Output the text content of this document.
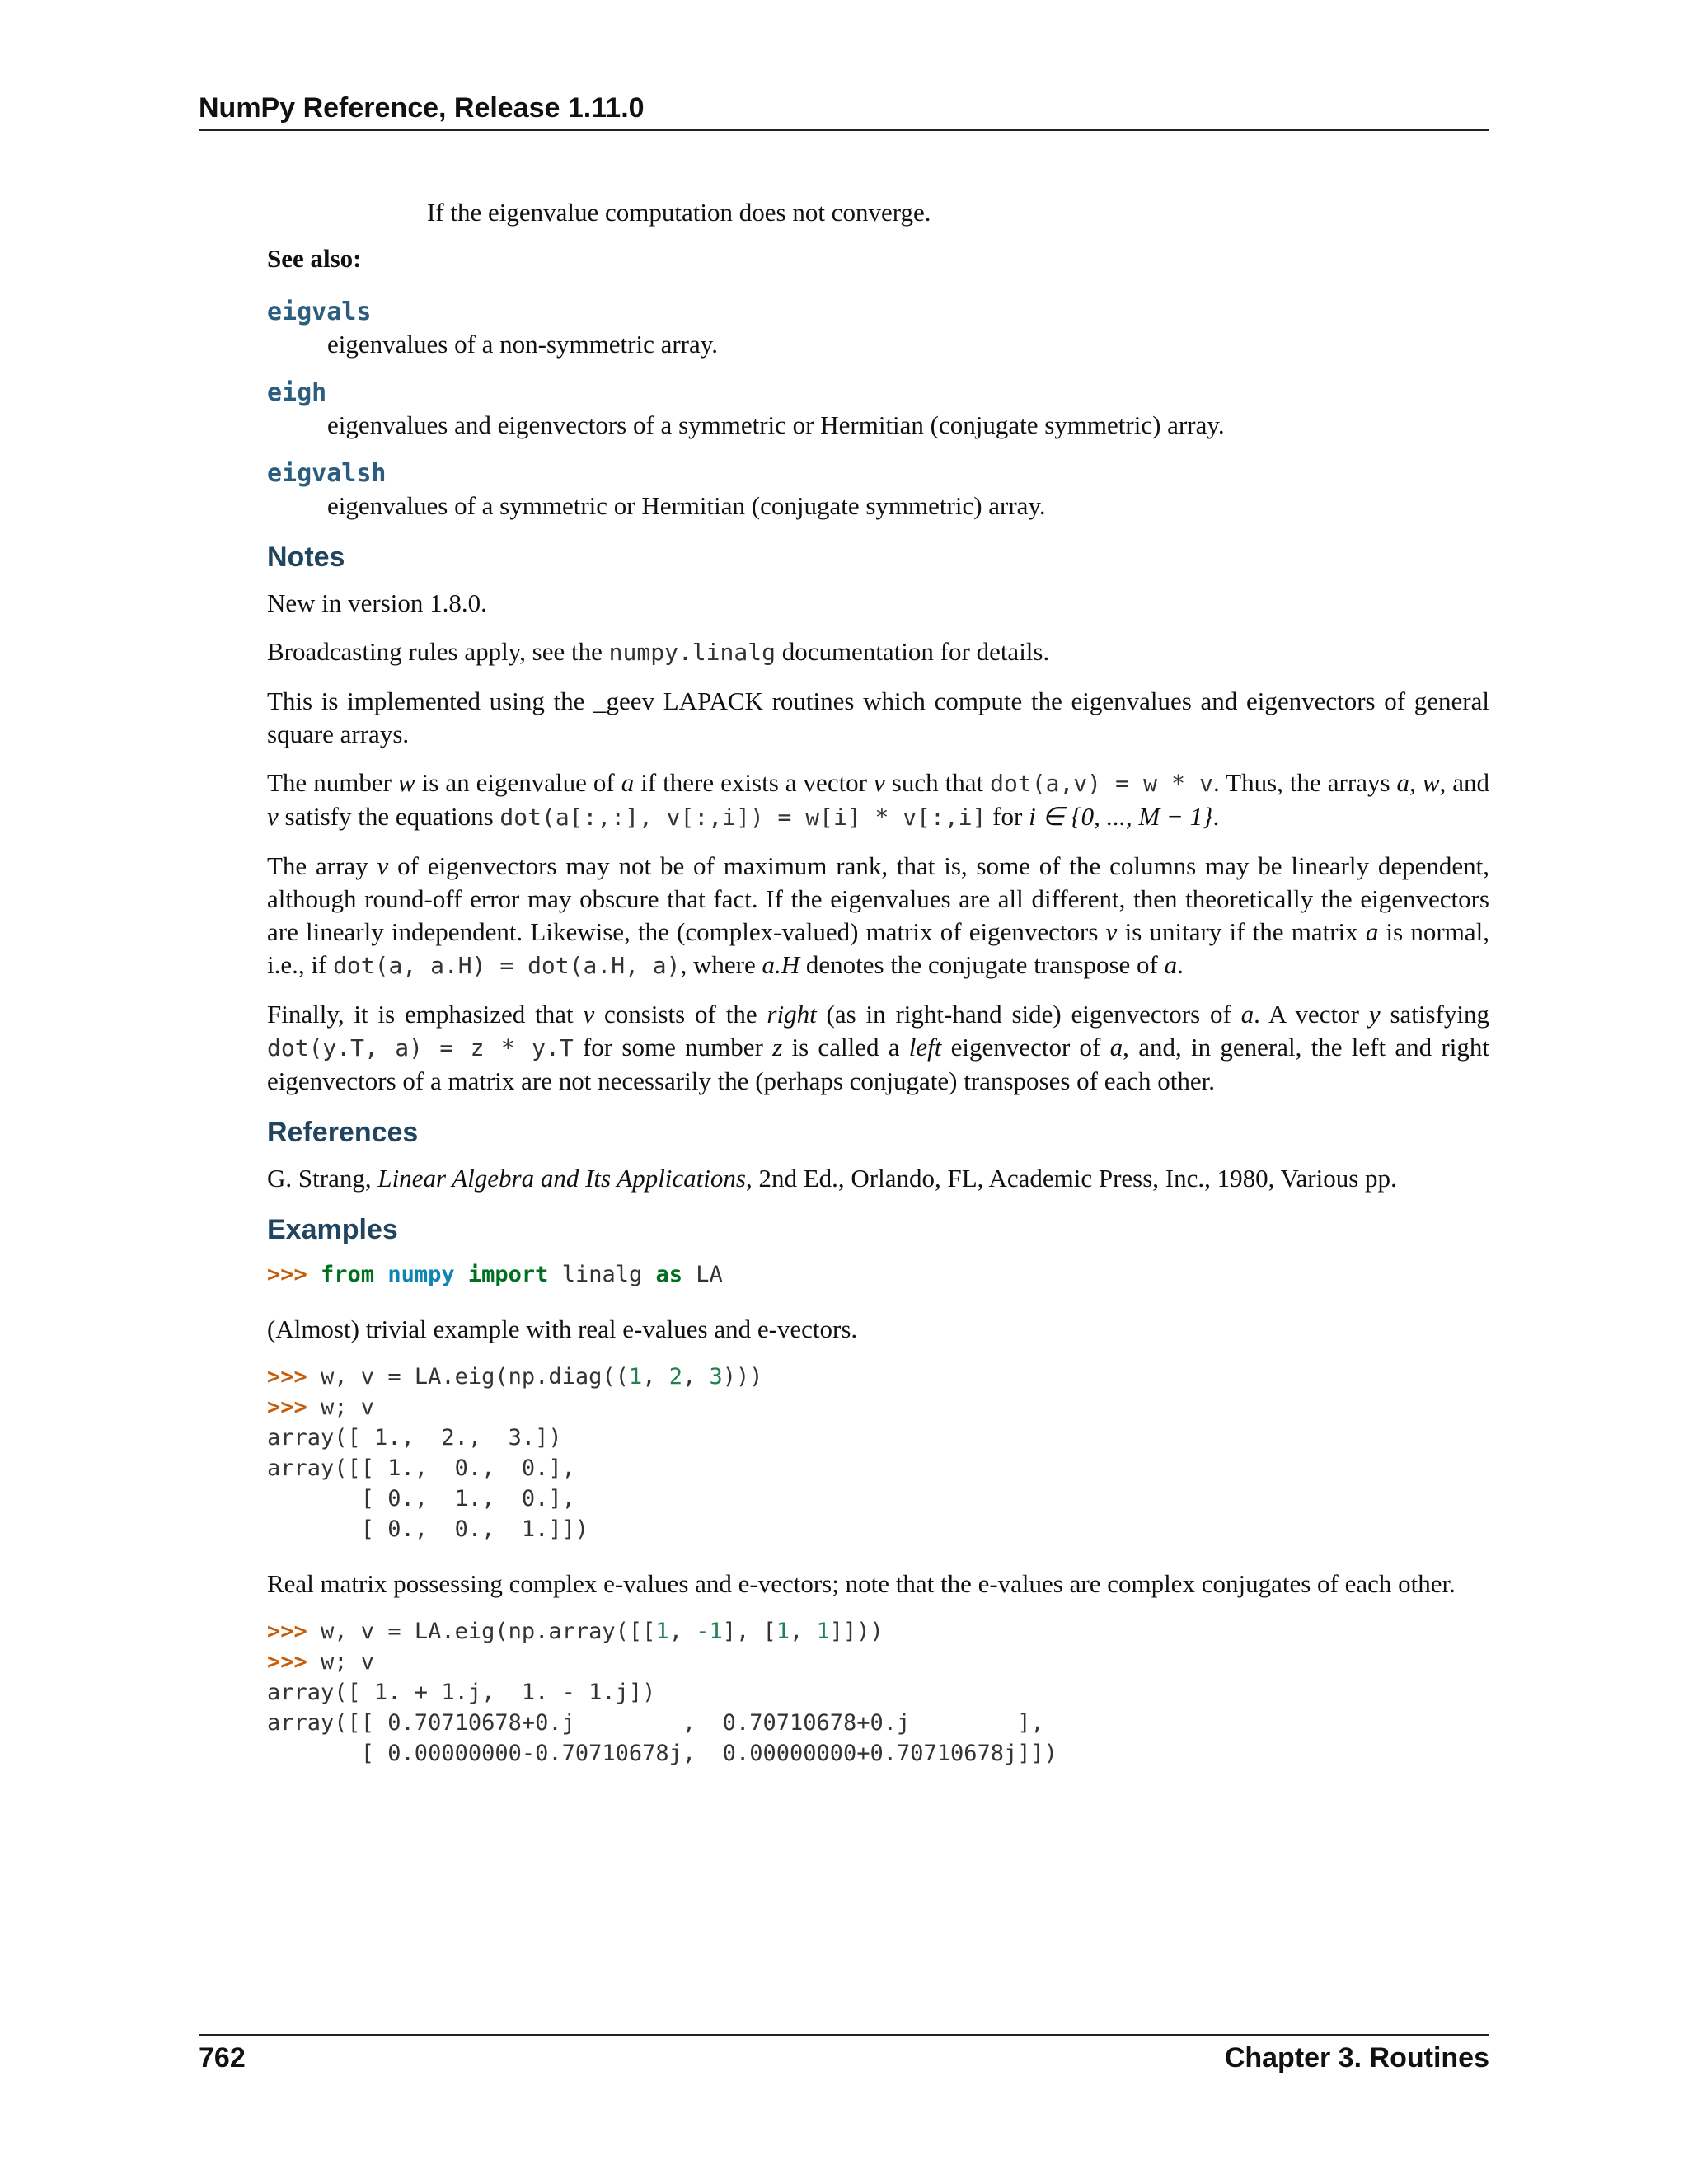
NumPy Reference, Release 1.11.0
If the eigenvalue computation does not converge.
See also:
eigvals
eigenvalues of a non-symmetric array.
eigh
eigenvalues and eigenvectors of a symmetric or Hermitian (conjugate symmetric) array.
eigvalsh
eigenvalues of a symmetric or Hermitian (conjugate symmetric) array.
Notes

New in version 1.8.0.

Broadcasting rules apply, see the numpy.linalg documentation for details.

This is implemented using the _geev LAPACK routines which compute the eigenvalues and eigenvectors of general square arrays.

The number w is an eigenvalue of a if there exists a vector v such that dot(a,v) = w * v. Thus, the arrays a, w, and v satisfy the equations dot(a[:,:], v[:,i]) = w[i] * v[:,i] for i ∈ {0, ..., M − 1}.

The array v of eigenvectors may not be of maximum rank, that is, some of the columns may be linearly dependent, although round-off error may obscure that fact. If the eigenvalues are all different, then theoretically the eigenvectors are linearly independent. Likewise, the (complex-valued) matrix of eigenvectors v is unitary if the matrix a is normal, i.e., if dot(a, a.H) = dot(a.H, a), where a.H denotes the conjugate transpose of a.

Finally, it is emphasized that v consists of the right (as in right-hand side) eigenvectors of a. A vector y satisfying dot(y.T, a) = z * y.T for some number z is called a left eigenvector of a, and, in general, the left and right eigenvectors of a matrix are not necessarily the (perhaps conjugate) transposes of each other.

References

G. Strang, Linear Algebra and Its Applications, 2nd Ed., Orlando, FL, Academic Press, Inc., 1980, Various pp.

Examples
>>> from numpy import linalg as LA

(Almost) trivial example with real e-values and e-vectors.

>>> w, v = LA.eig(np.diag((1, 2, 3)))
>>> w; v
array([ 1.,  2.,  3.])
array([[ 1.,  0.,  0.],
[ 0.,  1.,  0.],
[ 0.,  0.,  1.]])

Real matrix possessing complex e-values and e-vectors; note that the e-values are complex conjugates of each other.

>>> w, v = LA.eig(np.array([[1, -1], [1, 1]]))
>>> w; v
array([ 1. + 1.j,  1. - 1.j])
array([[ 0.70710678+0.j        ,  0.70710678+0.j        ],
[ 0.00000000-0.70710678j,  0.00000000+0.70710678j]])
762	Chapter 3. Routines
